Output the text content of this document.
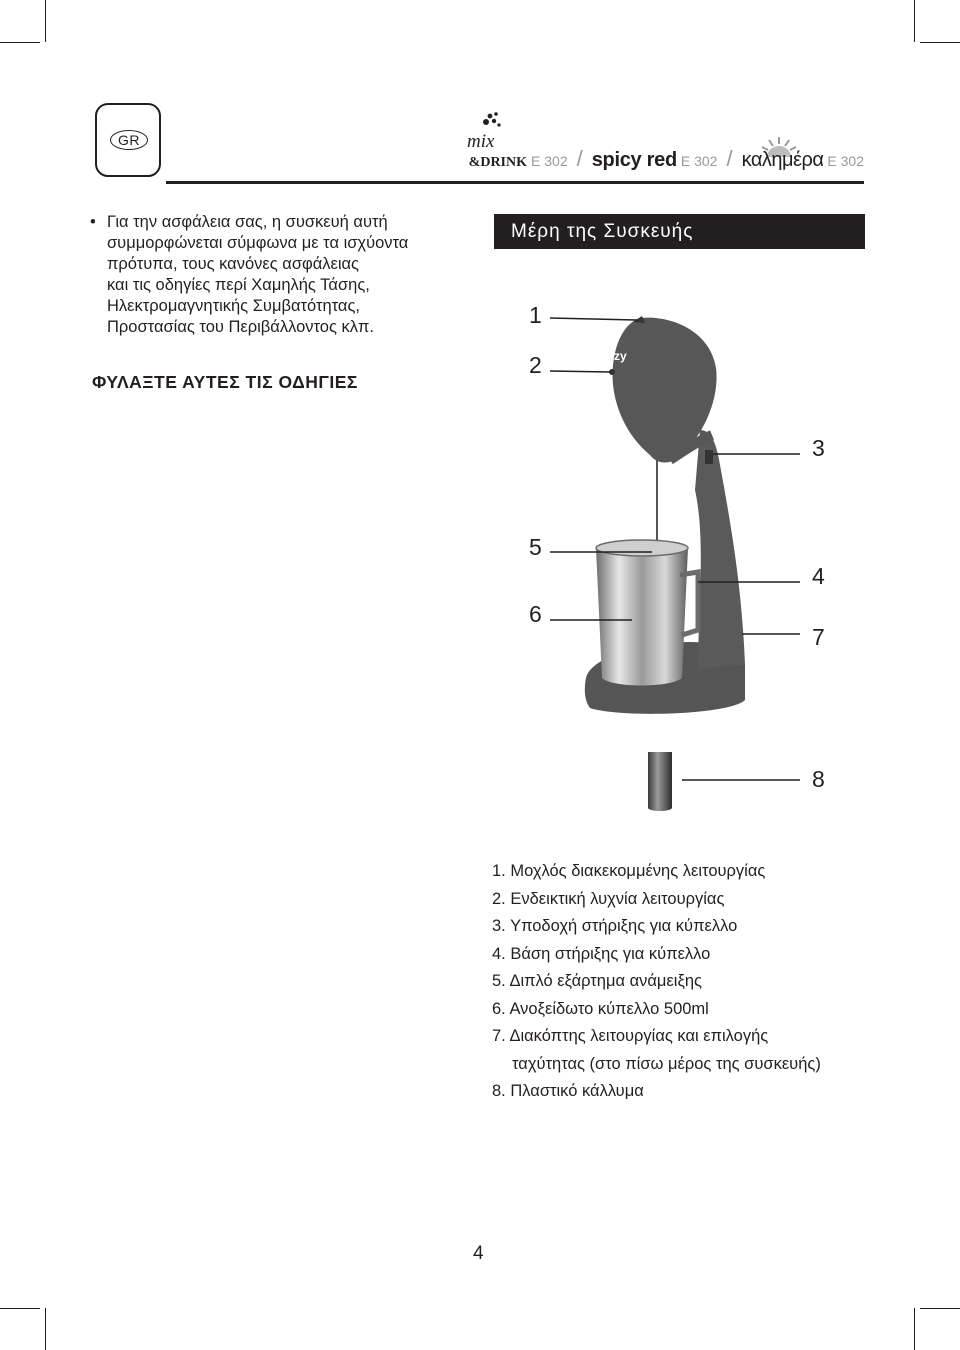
GR	mix
&DRINK E 302 / spicy red E 302 / καλημέρα E 302
• Για την ασφάλεια σας, η συσκευή αυτή
συμμορφώνεται σύμφωνα με τα ισχύοντα
πρότυπα, τους κανόνες ασφάλειας
και τις οδηγίες περί Χαμηλής Τάσης,
Ηλεκτρομαγνητικής Συμβατότητας,
Προστασίας του Περιβάλλοντος κλπ.
ΦΥΛΑΞΤΕ ΑΥΤΕΣ ΤΙΣ ΟΔΗΓΙΕΣ
Μέρη της Συσκευής
zy
1
2
3
4
5
6
7
8
1. Μοχλός διακεκομμένης λειτουργίας
2. Ενδεικτική λυχνία λειτουργίας
3. Υποδοχή στήριξης για κύπελλο
4. Βάση στήριξης για κύπελλο
5. Διπλό εξάρτημα ανάμειξης
6. Ανοξείδωτο κύπελλο 500ml
7. Διακόπτης λειτουργίας και επιλογής
ταχύτητας (στο πίσω μέρος της συσκευής)
8. Πλαστικό κάλλυμα
4
